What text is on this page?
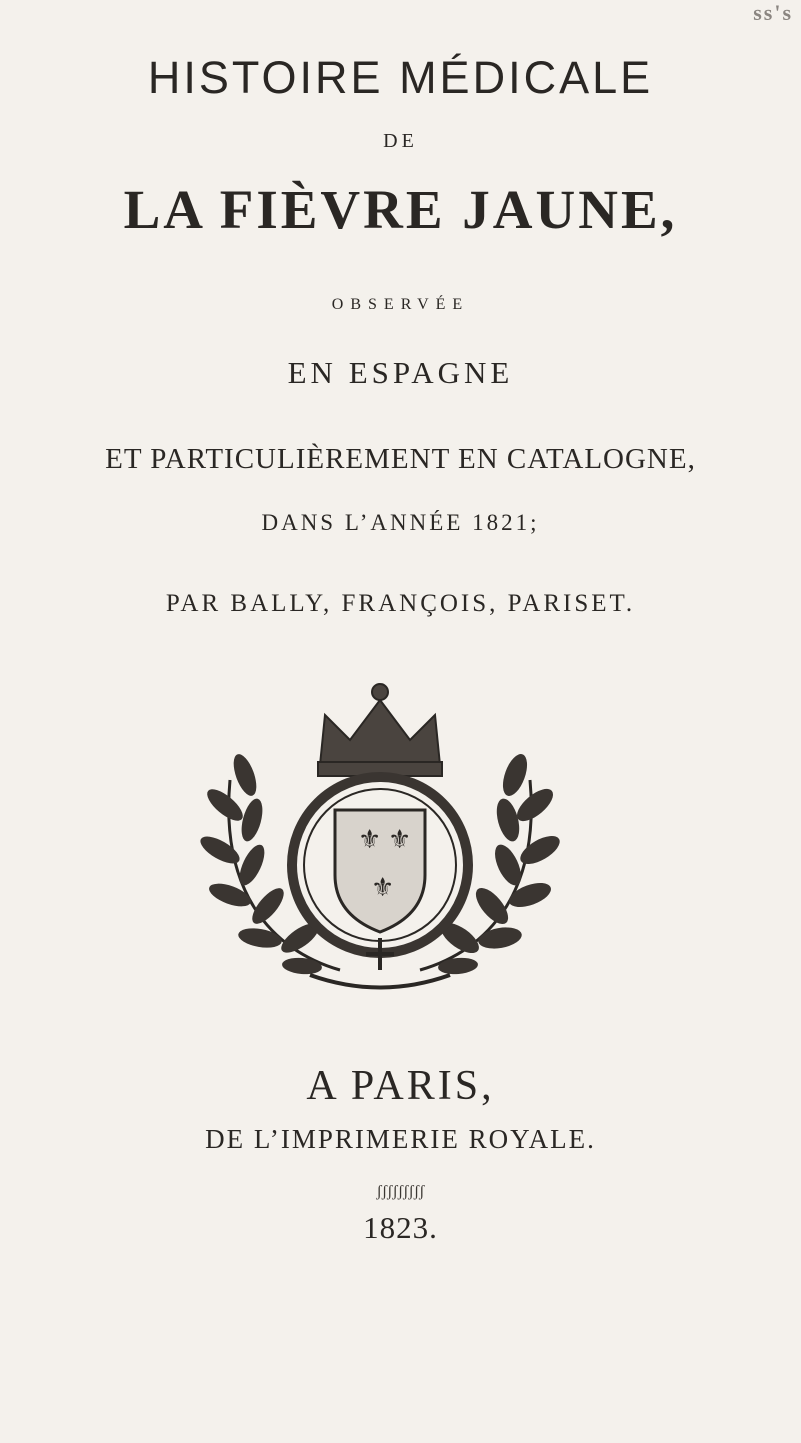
ss's
HISTOIRE MÉDICALE
DE
LA FIÈVRE JAUNE,
OBSERVÉE
EN ESPAGNE
ET PARTICULIÈREMENT EN CATALOGNE,
DANS L’ANNÉE 1821;
PAR BALLY, FRANÇOIS, PARISET.
⚜ ⚜
⚜
A PARIS,
DE L’IMPRIMERIE ROYALE.
ʃʃʃʃʃʃʃʃʃ
1823.
